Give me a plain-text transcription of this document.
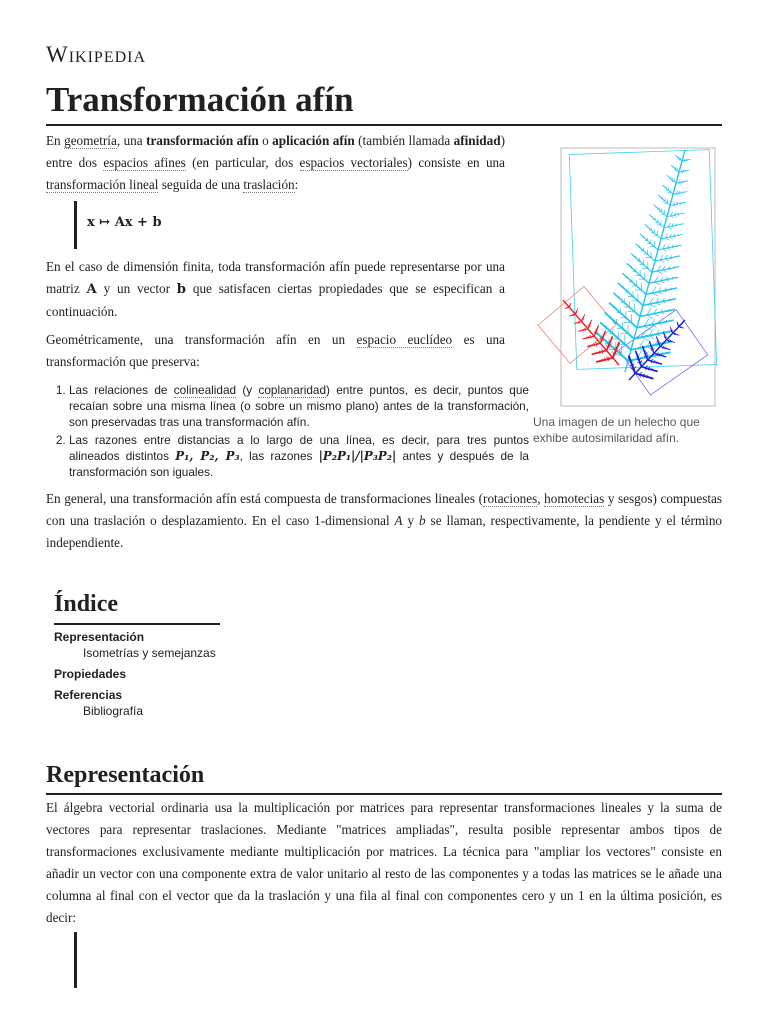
Wikipedia
Transformación afín
En geometría, una transformación afín o aplicación afín (también llamada afinidad) entre dos espacios afines (en particular, dos espacios vectoriales) consiste en una transformación lineal seguida de una traslación:
x ↦ Ax + b
En el caso de dimensión finita, toda transformación afín puede representarse por una matriz A y un vector b que satisfacen ciertas propiedades que se especifican a continuación.
Geométricamente, una transformación afín en un espacio euclídeo es una transformación que preserva:
1. Las relaciones de colinealidad (y coplanaridad) entre puntos, es decir, puntos que recaían sobre una misma línea (o sobre un mismo plano) antes de la transformación, son preservadas tras una transformación afín.
2. Las razones entre distancias a lo largo de una línea, es decir, para tres puntos alineados distintos P₁, P₂, P₃, las razones |P₂P₁|/|P₃P₂| antes y después de la transformación son iguales.
En general, una transformación afín está compuesta de transformaciones lineales (rotaciones, homotecias y sesgos) compuestas con una traslación o desplazamiento. En el caso 1-dimensional A y b se llaman, respectivamente, la pendiente y el término independiente.
Una imagen de un helecho que exhibe autosimilaridad afín.
Índice
Representación
Isometrías y semejanzas
Propiedades
Referencias
Bibliografía
Representación
El álgebra vectorial ordinaria usa la multiplicación por matrices para representar transformaciones lineales y la suma de vectores para representar traslaciones. Mediante "matrices ampliadas", resulta posible representar ambos tipos de transformaciones exclusivamente mediante multiplicación por matrices. La técnica para "ampliar los vectores" consiste en añadir un vector con una componente extra de valor unitario al resto de las componentes y a todas las matrices se le añade una columna al final con el vector que da la traslación y una fila al final con componentes cero y un 1 en la última posición, es decir:
